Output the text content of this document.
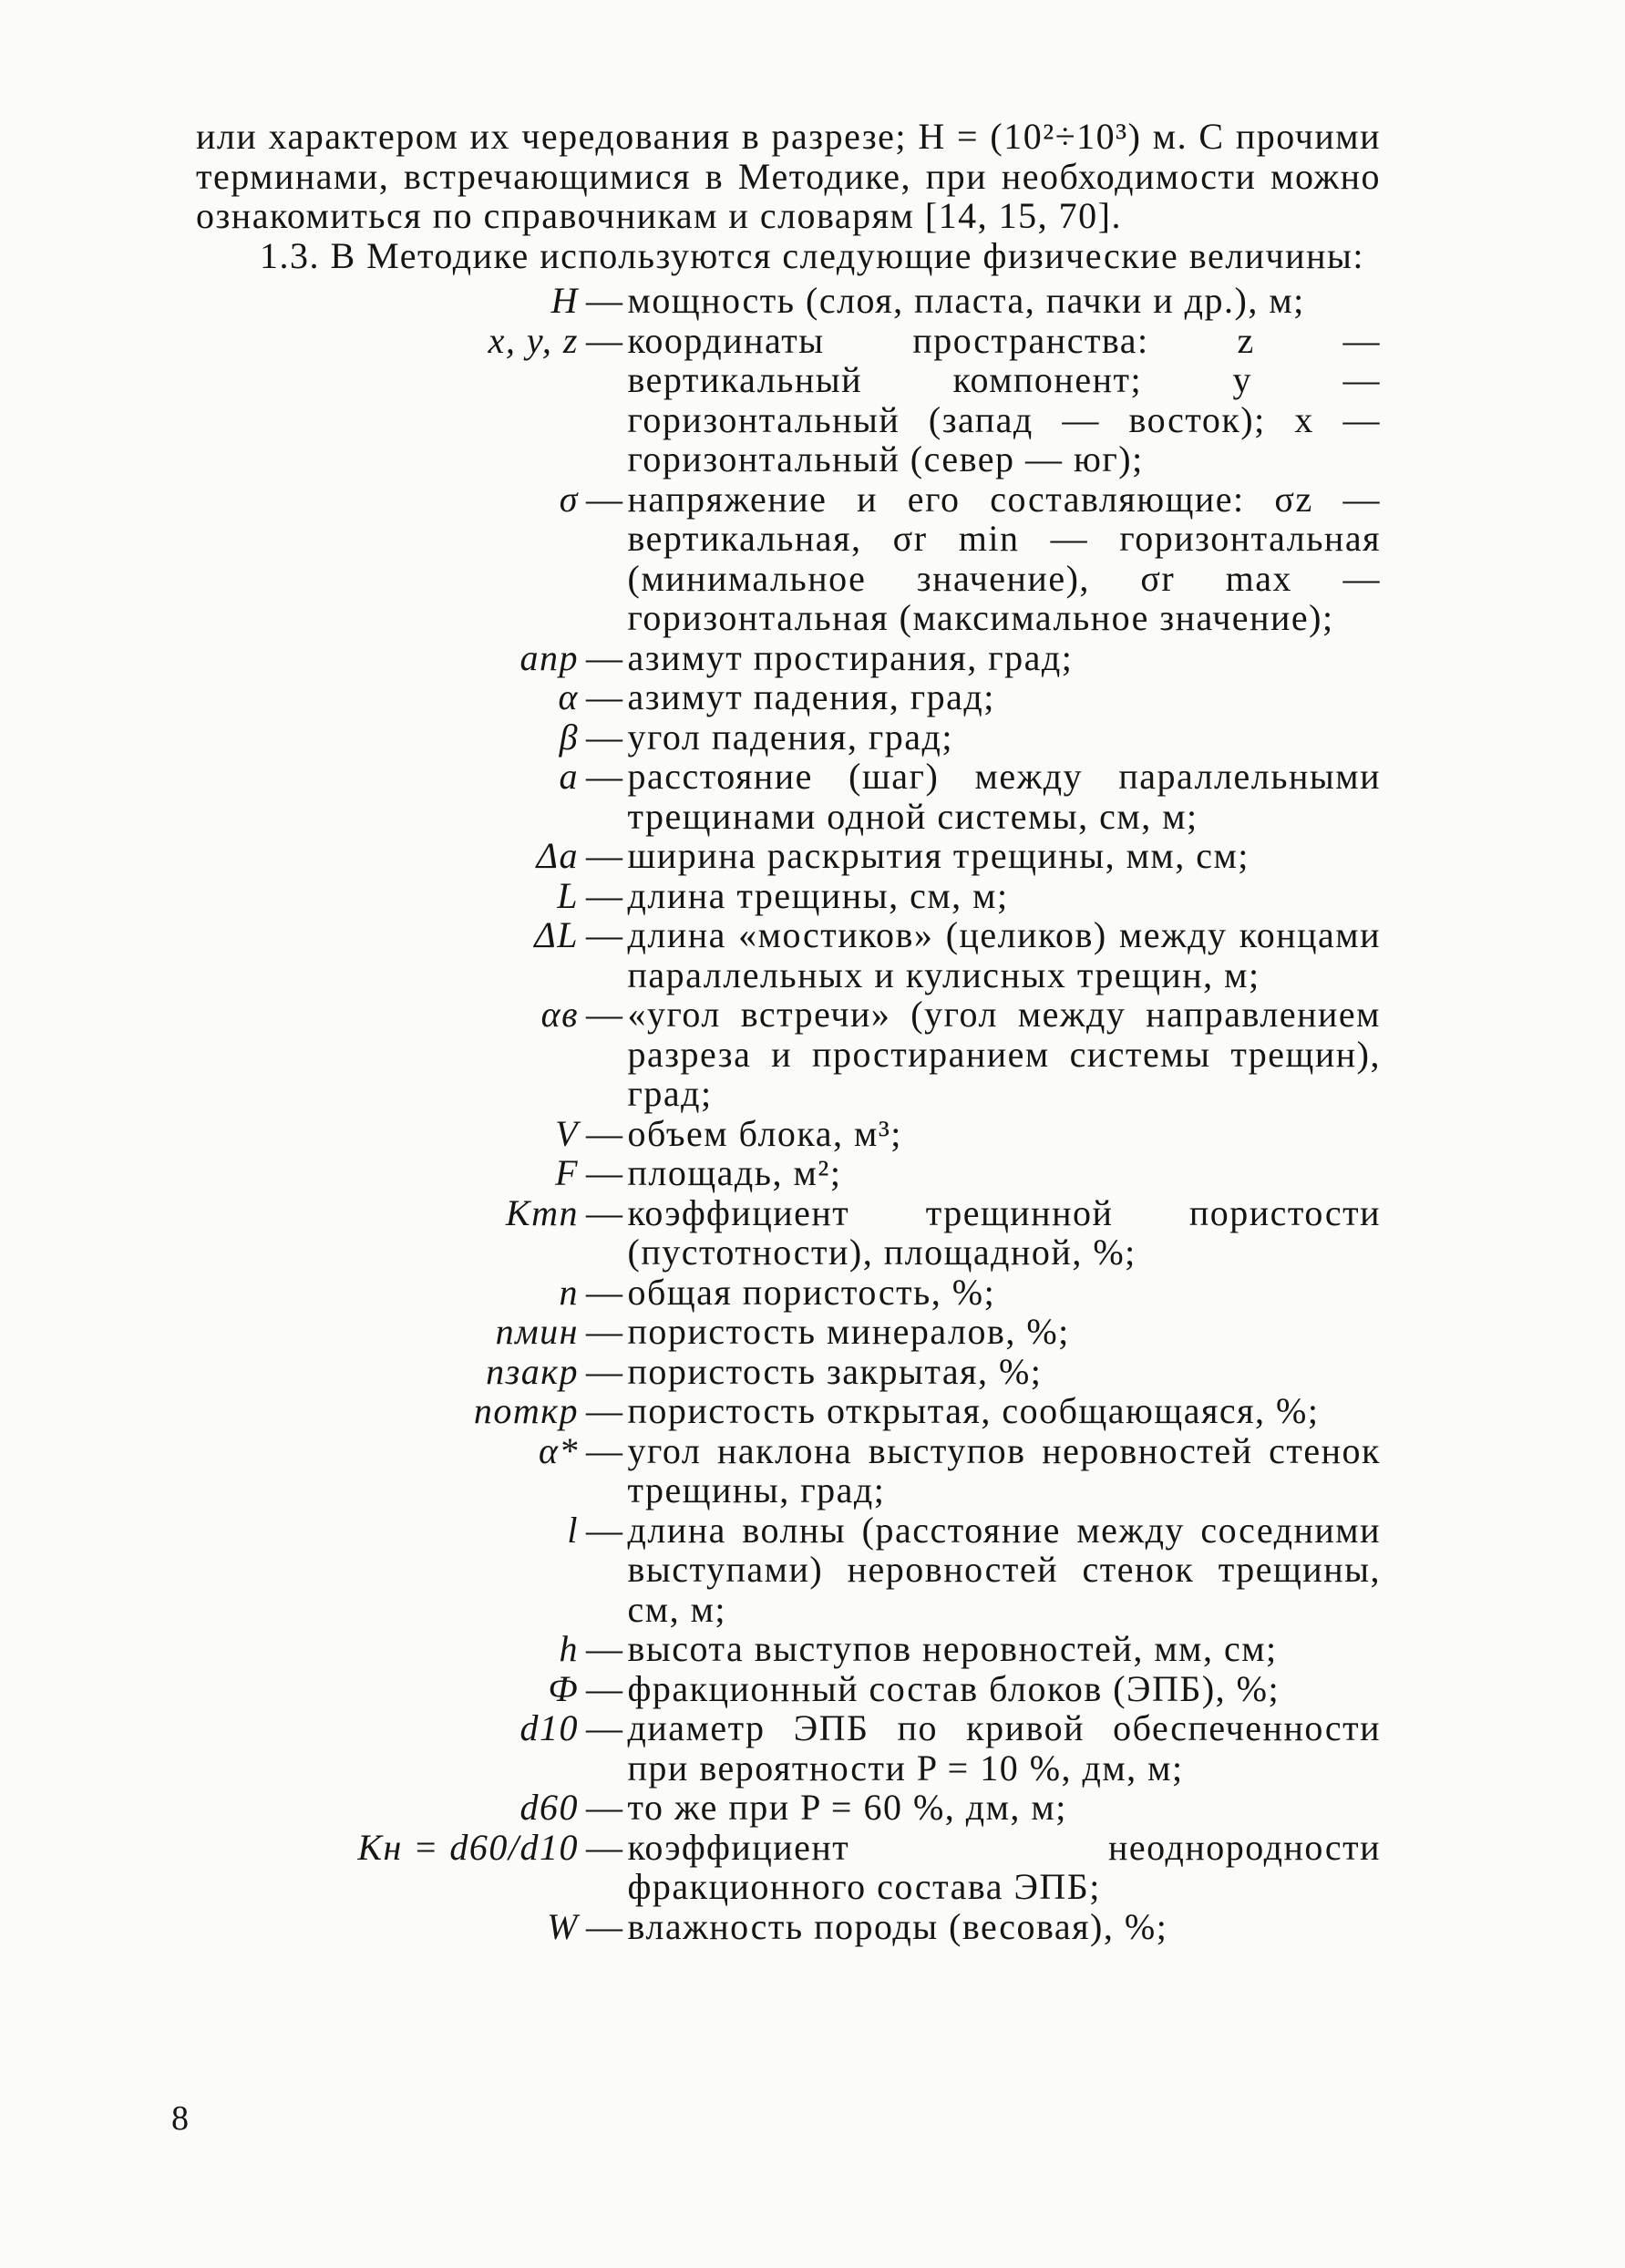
или характером их чередования в разрезе; H = (10²÷10³) м. С прочими терминами, встречающимися в Методике, при необходимости можно ознакомиться по справочникам и словарям [14, 15, 70].

1.3. В Методике используются следующие физические величины:

H — мощность (слоя, пласта, пачки и др.), м;
x, y, z — координаты пространства: z — вертикальный компонент; y — горизонтальный (запад — восток); x — горизонтальный (север — юг);
σ — напряжение и его составляющие: σz — вертикальная, σr min — горизонтальная (минимальное значение), σr max — горизонтальная (максимальное значение);
aпр — азимут простирания, град;
α — азимут падения, град;
β — угол падения, град;
a — расстояние (шаг) между параллельными трещинами одной системы, см, м;
Δa — ширина раскрытия трещины, мм, см;
L — длина трещины, см, м;
ΔL — длина «мостиков» (целиков) между концами параллельных и кулисных трещин, м;
αв — «угол встречи» (угол между направлением разреза и простиранием системы трещин), град;
V — объем блока, м³;
F — площадь, м²;
Kтп — коэффициент трещинной пористости (пустотности), площадной, %;
n — общая пористость, %;
nмин — пористость минералов, %;
nзакр — пористость закрытая, %;
nоткр — пористость открытая, сообщающаяся, %;
α* — угол наклона выступов неровностей стенок трещины, град;
l — длина волны (расстояние между соседними выступами) неровностей стенок трещины, см, м;
h — высота выступов неровностей, мм, см;
Ф — фракционный состав блоков (ЭПБ), %;
d10 — диаметр ЭПБ по кривой обеспеченности при вероятности P = 10 %, дм, м;
d60 — то же при P = 60 %, дм, м;
Kн = d60/d10 — коэффициент неоднородности фракционного состава ЭПБ;
W — влажность породы (весовая), %;
8
